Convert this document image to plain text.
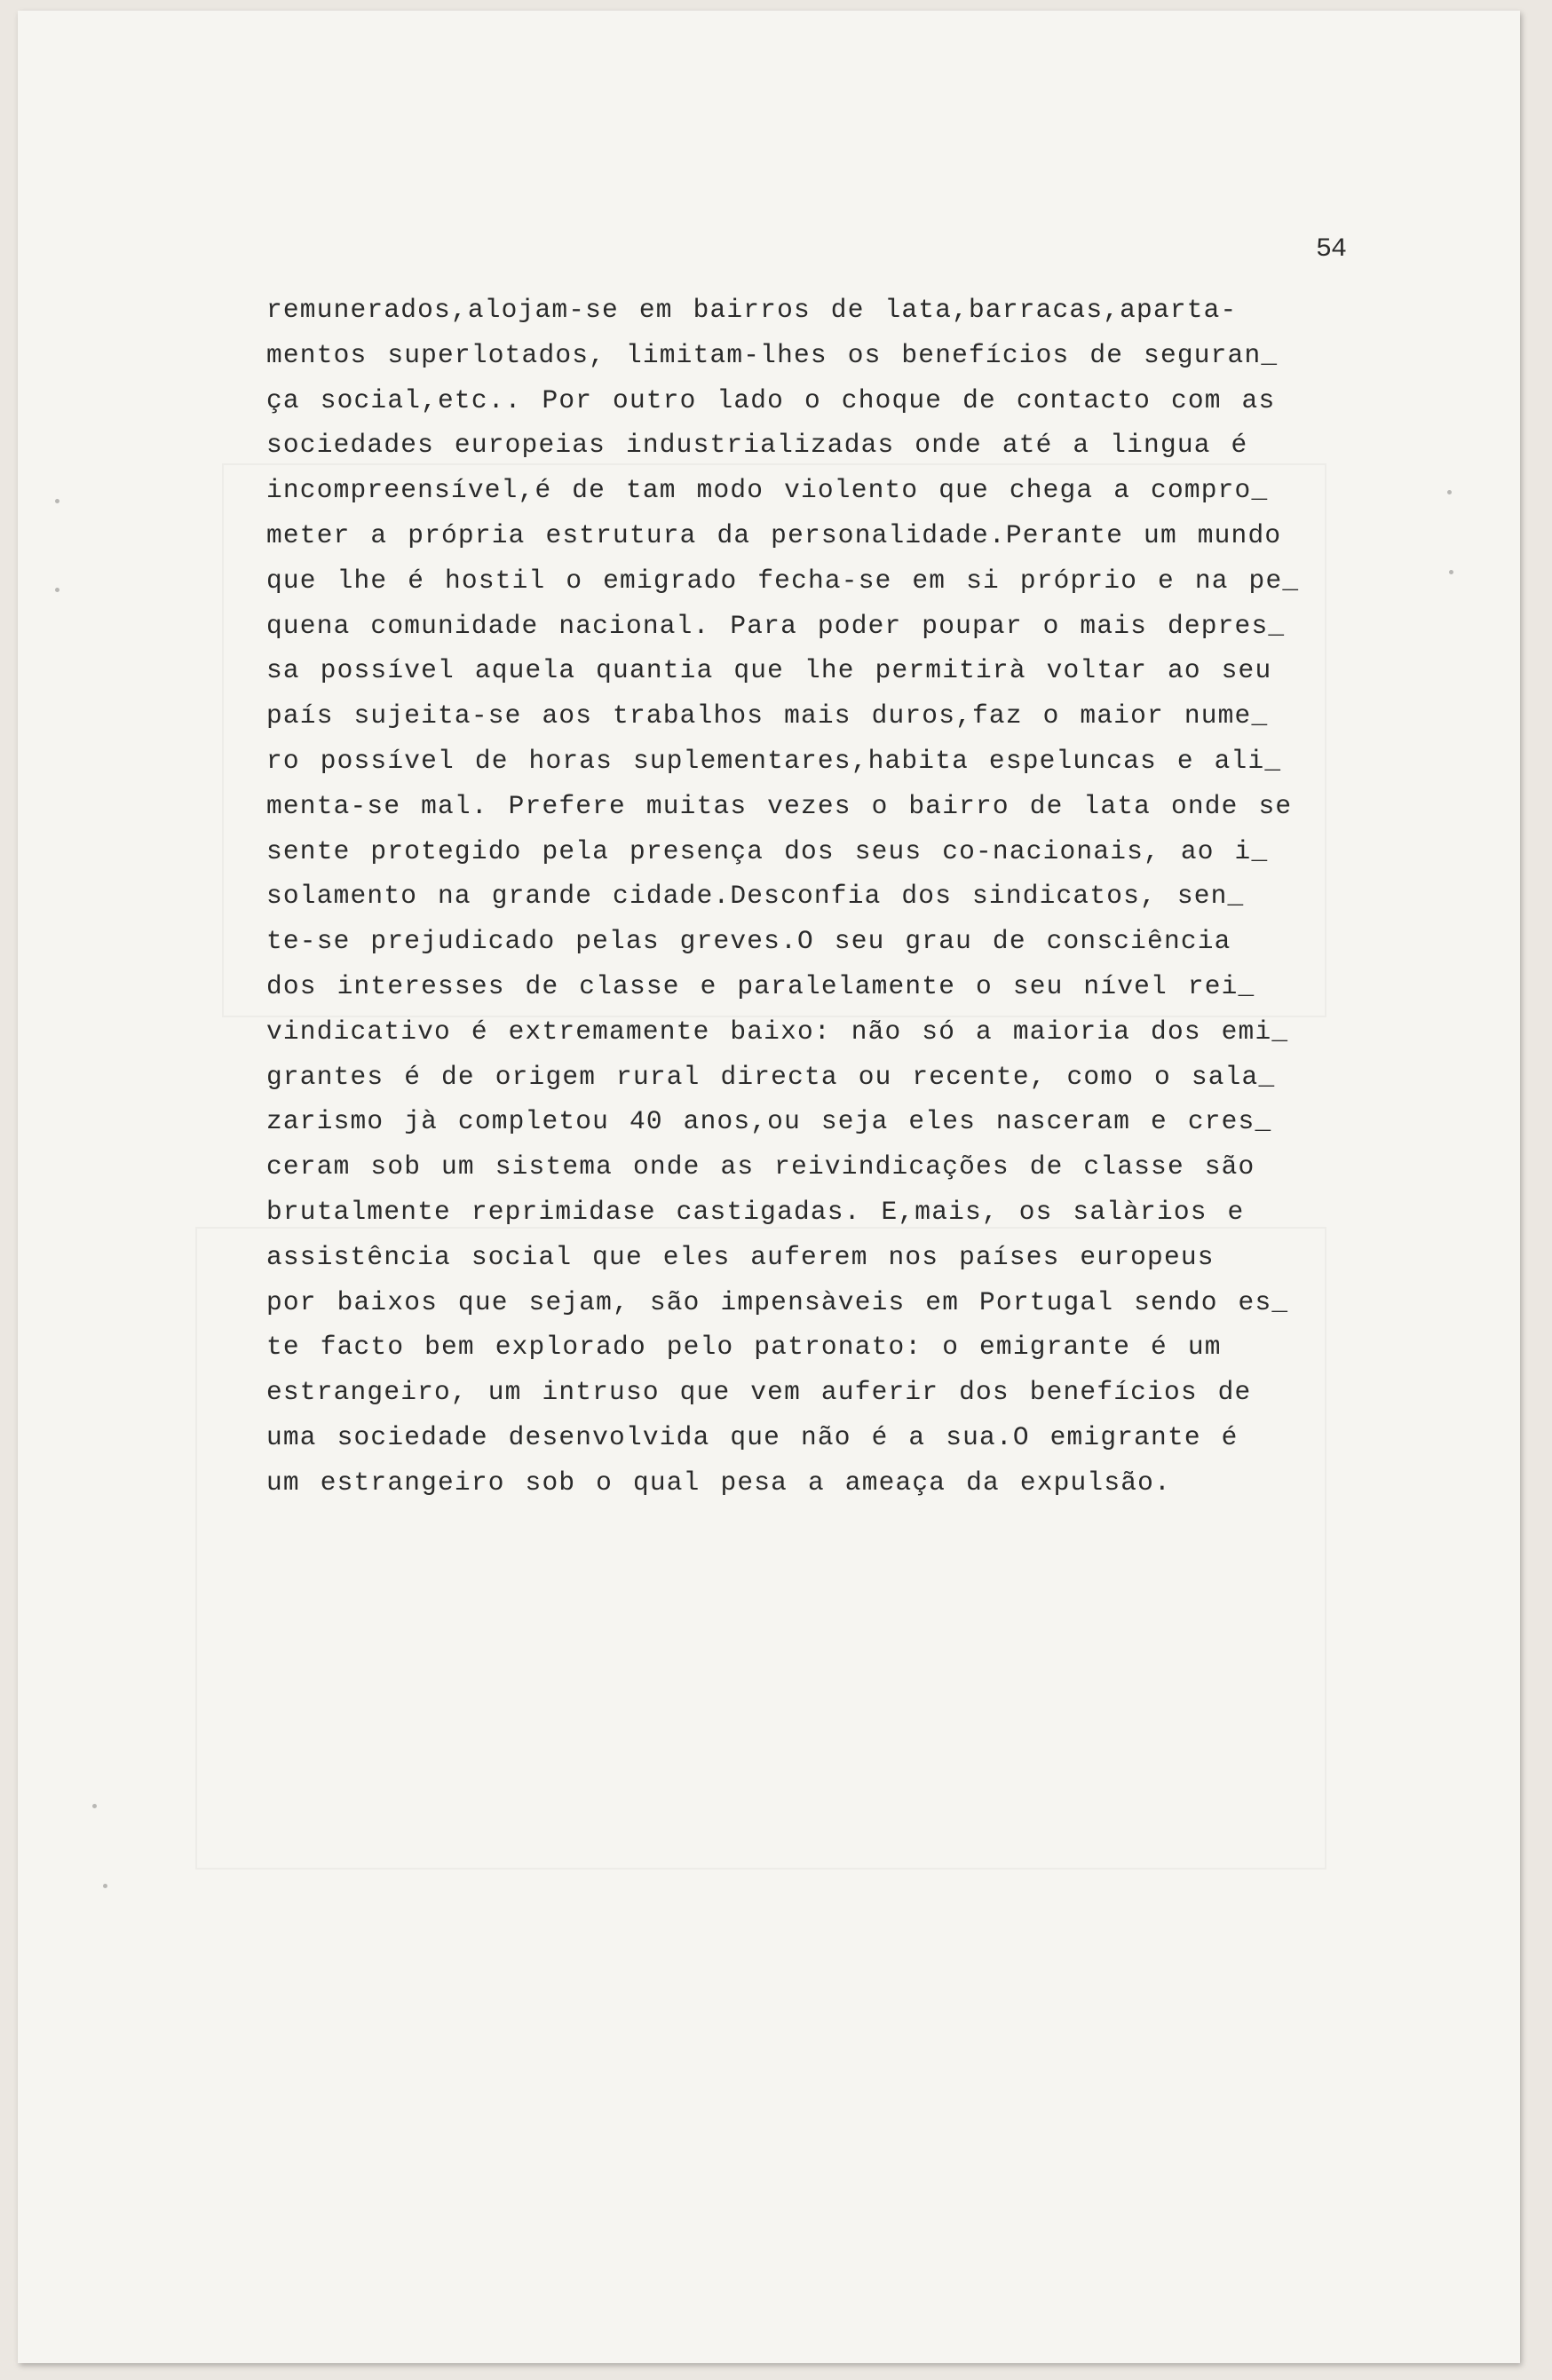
54
remunerados,alojam-se em bairros de lata,barracas,aparta-
mentos superlotados, limitam-lhes os benefícios de seguran_
ça social,etc.. Por outro lado o choque de contacto com as
sociedades europeias industrializadas onde até a lingua é
incompreensível,é de tam modo violento que chega a compro_
meter a própria estrutura da personalidade.Perante um mundo
que lhe é hostil o emigrado fecha-se em si próprio e na pe_
quena comunidade nacional. Para poder poupar o mais depres_
sa possível aquela quantia que lhe permitirà voltar ao seu
país sujeita-se aos trabalhos mais duros,faz o maior nume_
ro possível de horas suplementares,habita espeluncas e ali_
menta-se mal. Prefere muitas vezes o bairro de lata onde se
sente protegido pela presença dos seus co-nacionais, ao i_
solamento na grande cidade.Desconfia dos sindicatos, sen_
te-se prejudicado pelas greves.O seu grau de consciência
dos interesses de classe e paralelamente o seu nível rei_
vindicativo é extremamente baixo: não só a maioria dos emi_
grantes é de origem rural directa ou recente, como o sala_
zarismo jà completou 40 anos,ou seja eles nasceram e cres_
ceram sob um sistema onde as reivindicações de classe são
brutalmente reprimidase castigadas. E,mais, os salàrios e
assistência social que eles auferem nos países europeus
por baixos que sejam, são impensàveis em Portugal sendo es_
te facto bem explorado pelo patronato: o emigrante é um
estrangeiro, um intruso que vem auferir dos benefícios de
uma sociedade desenvolvida que não é a sua.O emigrante é
um estrangeiro sob o qual pesa a ameaça da expulsão.
